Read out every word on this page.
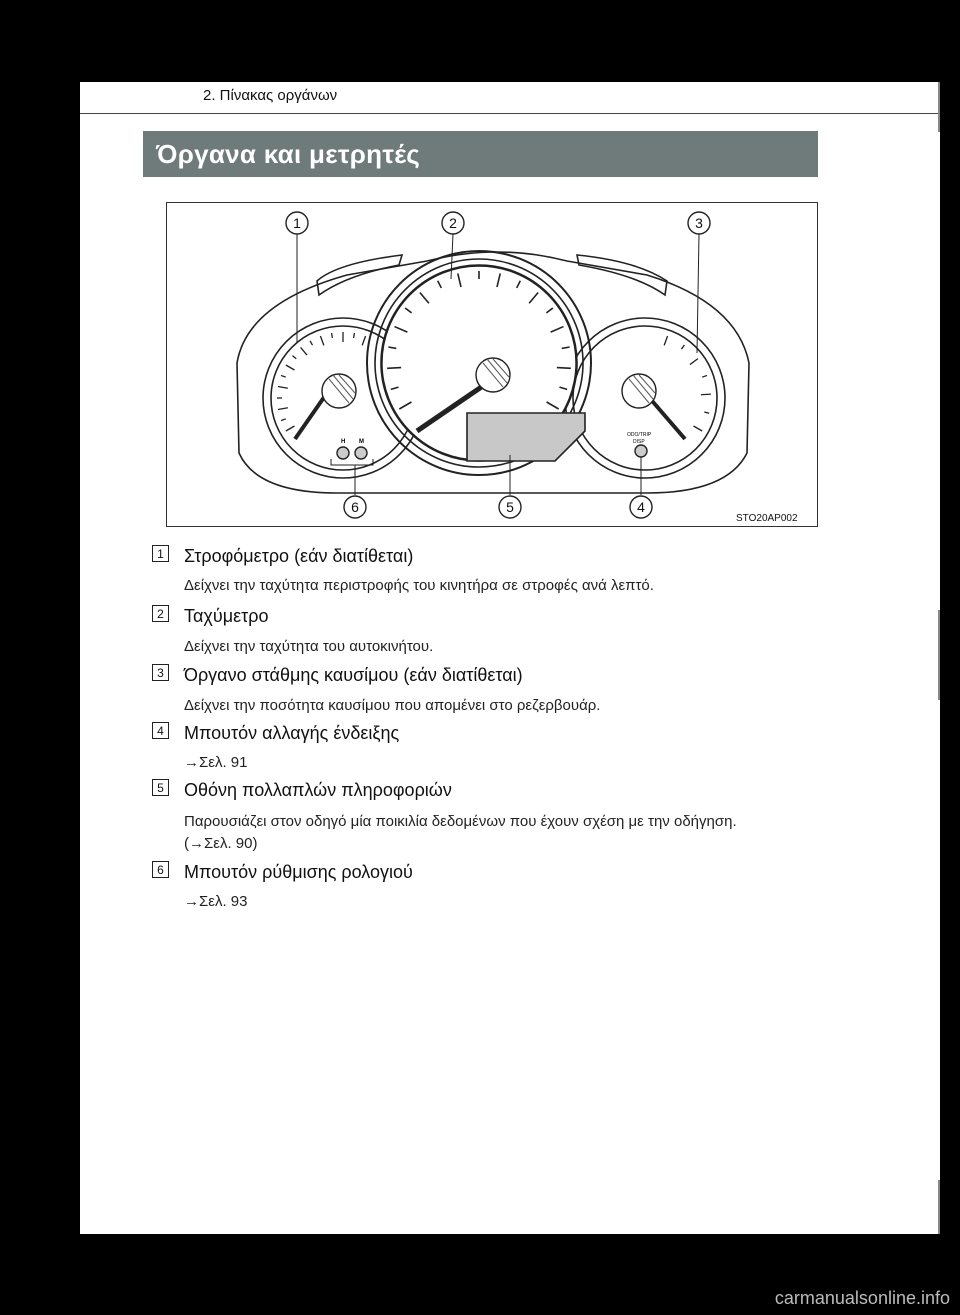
2. Πίνακας οργάνων
Όργανα και μετρητές
H M
ODO/TRIP
DISP
1	2	3
4
5
6
STO20AP002
1 Στροφόμετρο (εάν διατίθεται)
Δείχνει την ταχύτητα περιστροφής του κινητήρα σε στροφές ανά λεπτό.
2 Ταχύμετρο
Δείχνει την ταχύτητα του αυτοκινήτου.
3 Όργανο στάθμης καυσίμου (εάν διατίθεται)
Δείχνει την ποσότητα καυσίμου που απομένει στο ρεζερβουάρ.
4 Μπουτόν αλλαγής ένδειξης
→Σελ. 91
5 Οθόνη πολλαπλών πληροφοριών
Παρουσιάζει στον οδηγό μία ποικιλία δεδομένων που έχουν σχέση με την οδήγηση.
(→Σελ. 90)
6 Μπουτόν ρύθμισης ρολογιού
→Σελ. 93
carmanualsonline.info
